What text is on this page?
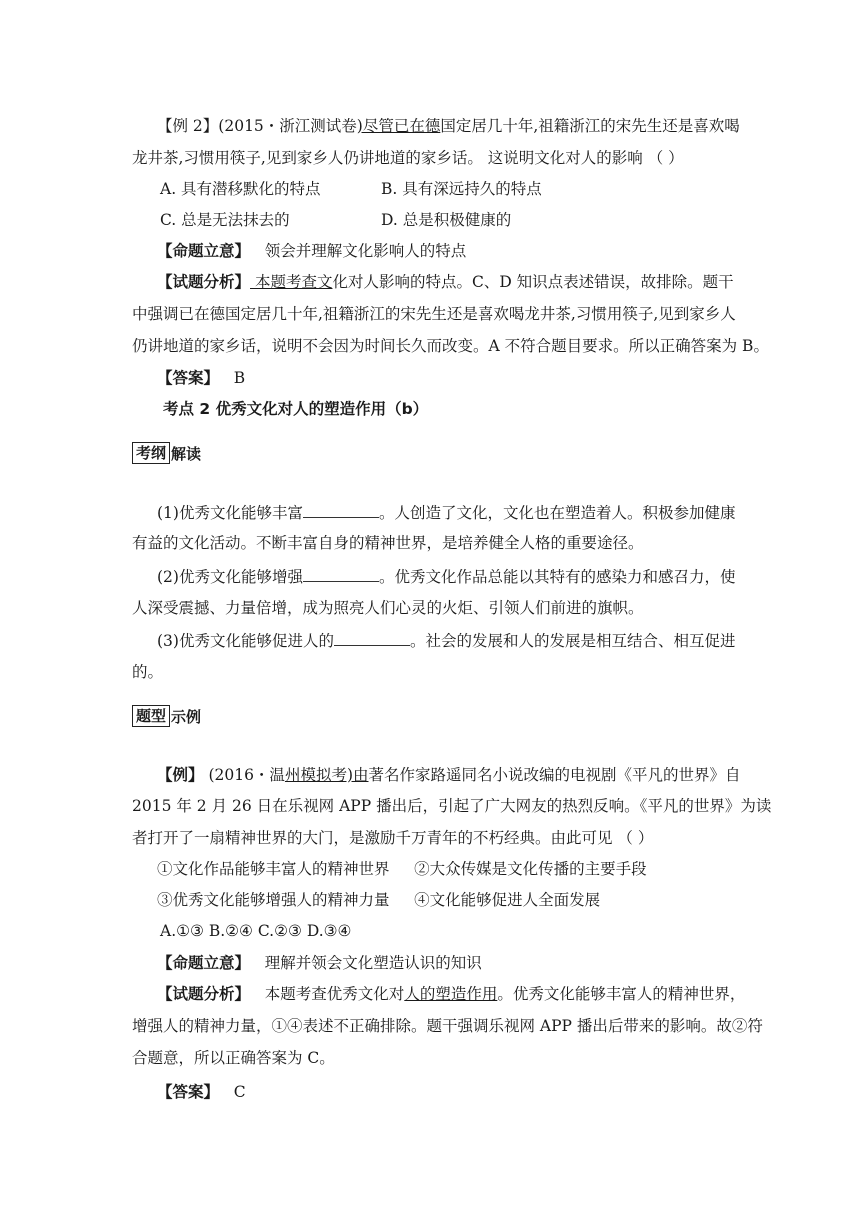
【例 2】(2015・浙江测试卷)尽管已在德国定居几十年,祖籍浙江的宋先生还是喜欢喝
龙井茶,习惯用筷子,见到家乡人仍讲地道的家乡话。 这说明文化对人的影响 （ ）
A. 具有潜移默化的特点	B. 具有深远持久的特点
C. 总是无法抹去的	D. 总是积极健康的
【命题立意】 领会并理解文化影响人的特点
【试题分析】 本题考查文化对人影响的特点。C、D 知识点表述错误，故排除。题干
中强调已在德国定居几十年,祖籍浙江的宋先生还是喜欢喝龙井茶,习惯用筷子,见到家乡人
仍讲地道的家乡话，说明不会因为时间长久而改变。A 不符合题目要求。所以正确答案为 B。
【答案】 B
考点 2 优秀文化对人的塑造作用（b）
考纲 解读
(1)优秀文化能够丰富	。人创造了文化，文化也在塑造着人。积极参加健康
有益的文化活动。不断丰富自身的精神世界，是培养健全人格的重要途径。
(2)优秀文化能够增强	。优秀文化作品总能以其特有的感染力和感召力，使
人深受震撼、力量倍增，成为照亮人们心灵的火炬、引领人们前进的旗帜。
(3)优秀文化能够促进人的	。社会的发展和人的发展是相互结合、相互促进
的。
题型 示例
【例】 (2016・温州模拟考)由著名作家路遥同名小说改编的电视剧《平凡的世界》自
2015 年 2 月 26 日在乐视网 APP 播出后，引起了广大网友的热烈反响。《平凡的世界》为读
者打开了一扇精神世界的大门，是激励千万青年的不朽经典。由此可见 （ ）
①文化作品能够丰富人的精神世界 ②大众传媒是文化传播的主要手段
③优秀文化能够增强人的精神力量 ④文化能够促进人全面发展
A.①③ B.②④ C.②③ D.③④
【命题立意】 理解并领会文化塑造认识的知识
【试题分析】 本题考查优秀文化对人的塑造作用。优秀文化能够丰富人的精神世界，
增强人的精神力量，①④表述不正确排除。题干强调乐视网 APP 播出后带来的影响。故②符
合题意，所以正确答案为 C。
【答案】 C
